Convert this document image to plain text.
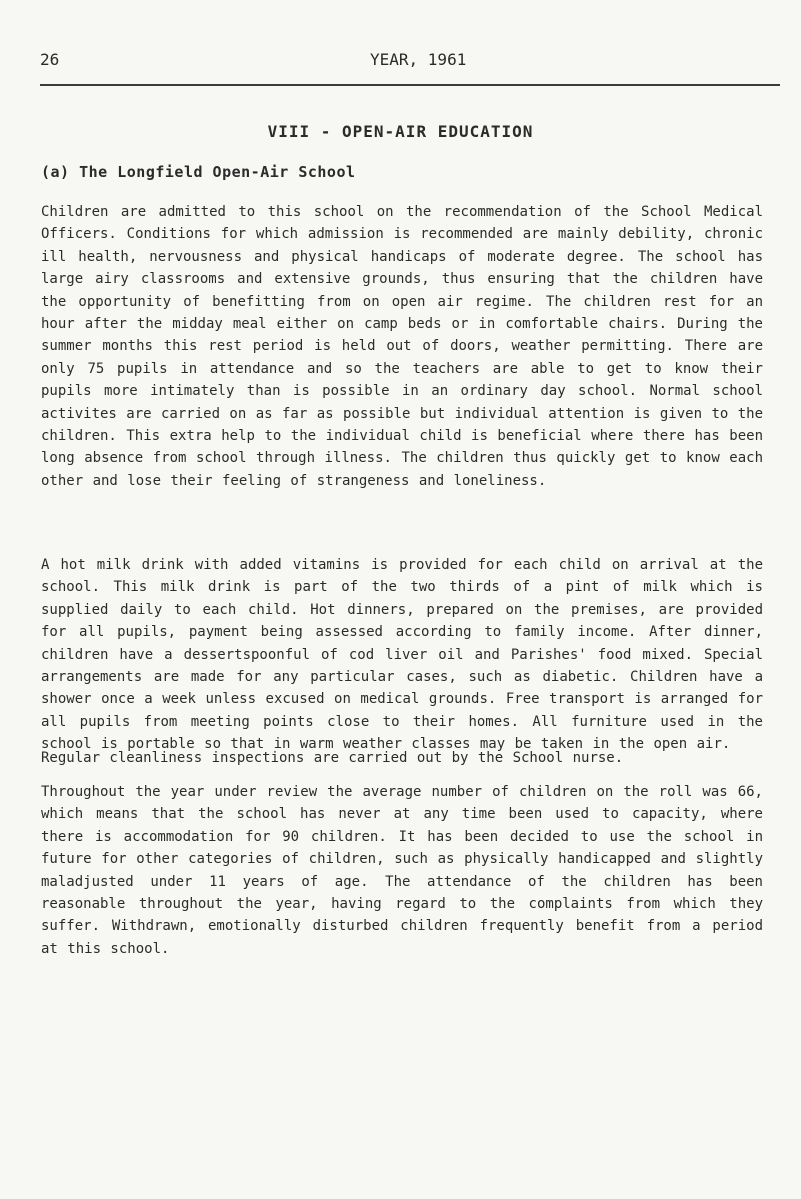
26	YEAR, 1961
VIII - OPEN-AIR EDUCATION
(a) The Longfield Open-Air School

Children are admitted to this school on the recommendation of the School Medical Officers. Conditions for which admission is recommended are mainly debility, chronic ill health, nervousness and physical handicaps of moderate degree. The school has large airy classrooms and extensive grounds, thus ensuring that the children have the opportunity of benefitting from on open air regime. The children rest for an hour after the midday meal either on camp beds or in comfortable chairs. During the summer months this rest period is held out of doors, weather permitting. There are only 75 pupils in attendance and so the teachers are able to get to know their pupils more intimately than is possible in an ordinary day school. Normal school activites are carried on as far as possible but individual attention is given to the children. This extra help to the individual child is beneficial where there has been long absence from school through illness. The children thus quickly get to know each other and lose their feeling of strangeness and loneliness.

A hot milk drink with added vitamins is provided for each child on arrival at the school. This milk drink is part of the two thirds of a pint of milk which is supplied daily to each child. Hot dinners, prepared on the premises, are provided for all pupils, payment being assessed according to family income. After dinner, children have a dessertspoonful of cod liver oil and Parishes' food mixed. Special arrangements are made for any particular cases, such as diabetic. Children have a shower once a week unless excused on medical grounds. Free transport is arranged for all pupils from meeting points close to their homes. All furniture used in the school is portable so that in warm weather classes may be taken in the open air.

Regular cleanliness inspections are carried out by the School nurse.

Throughout the year under review the average number of children on the roll was 66, which means that the school has never at any time been used to capacity, where there is accommodation for 90 children. It has been decided to use the school in future for other categories of children, such as physically handicapped and slightly maladjusted under 11 years of age. The attendance of the children has been reasonable throughout the year, having regard to the complaints from which they suffer. Withdrawn, emotionally disturbed children frequently benefit from a period at this school.
